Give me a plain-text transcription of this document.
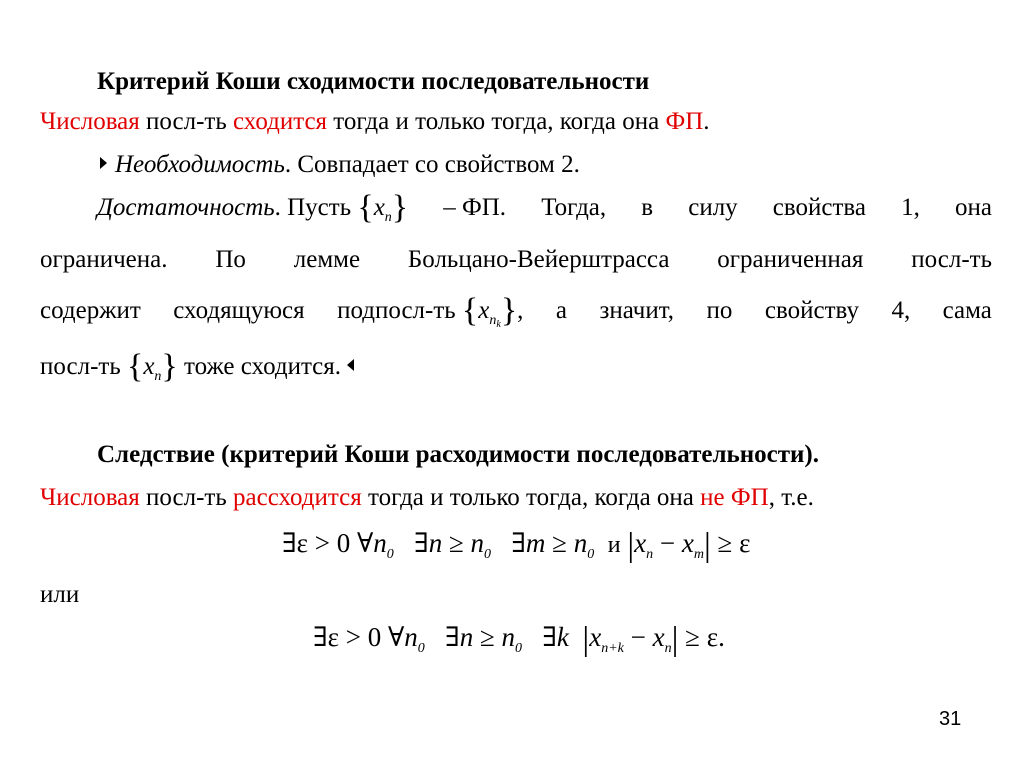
Критерий Коши сходимости последовательности
Числовая посл-ть сходится тогда и только тогда, когда она ФП.
Необходимость. Совпадает со свойством 2.
Достаточность. Пусть $\{x_n\}$ – ФП. Тогда, в силу свойства 1, она
ограничена. По лемме Больцано-Вейерштрасса ограниченная посл-ть
содержит сходящуюся подпосл-ть $\{x_{n_k}\}$, а значит, по свойству 4, сама
посл-ть $\{x_n\}$ тоже сходится.
Следствие (критерий Коши расходимости последовательности).
Числовая посл-ть рассходится тогда и только тогда, когда она не ФП, т.е.
∃ε > 0 $\forall n_0$ ∃n ≥ $n_0$ ∃m ≥ $n_0$ и $|x_n - x_m| \ge \varepsilon$
или
∃ε > 0 $\forall n_0$ ∃n ≥ $n_0$ ∃k $|x_{n+k} - x_n| \ge \varepsilon$.
31
